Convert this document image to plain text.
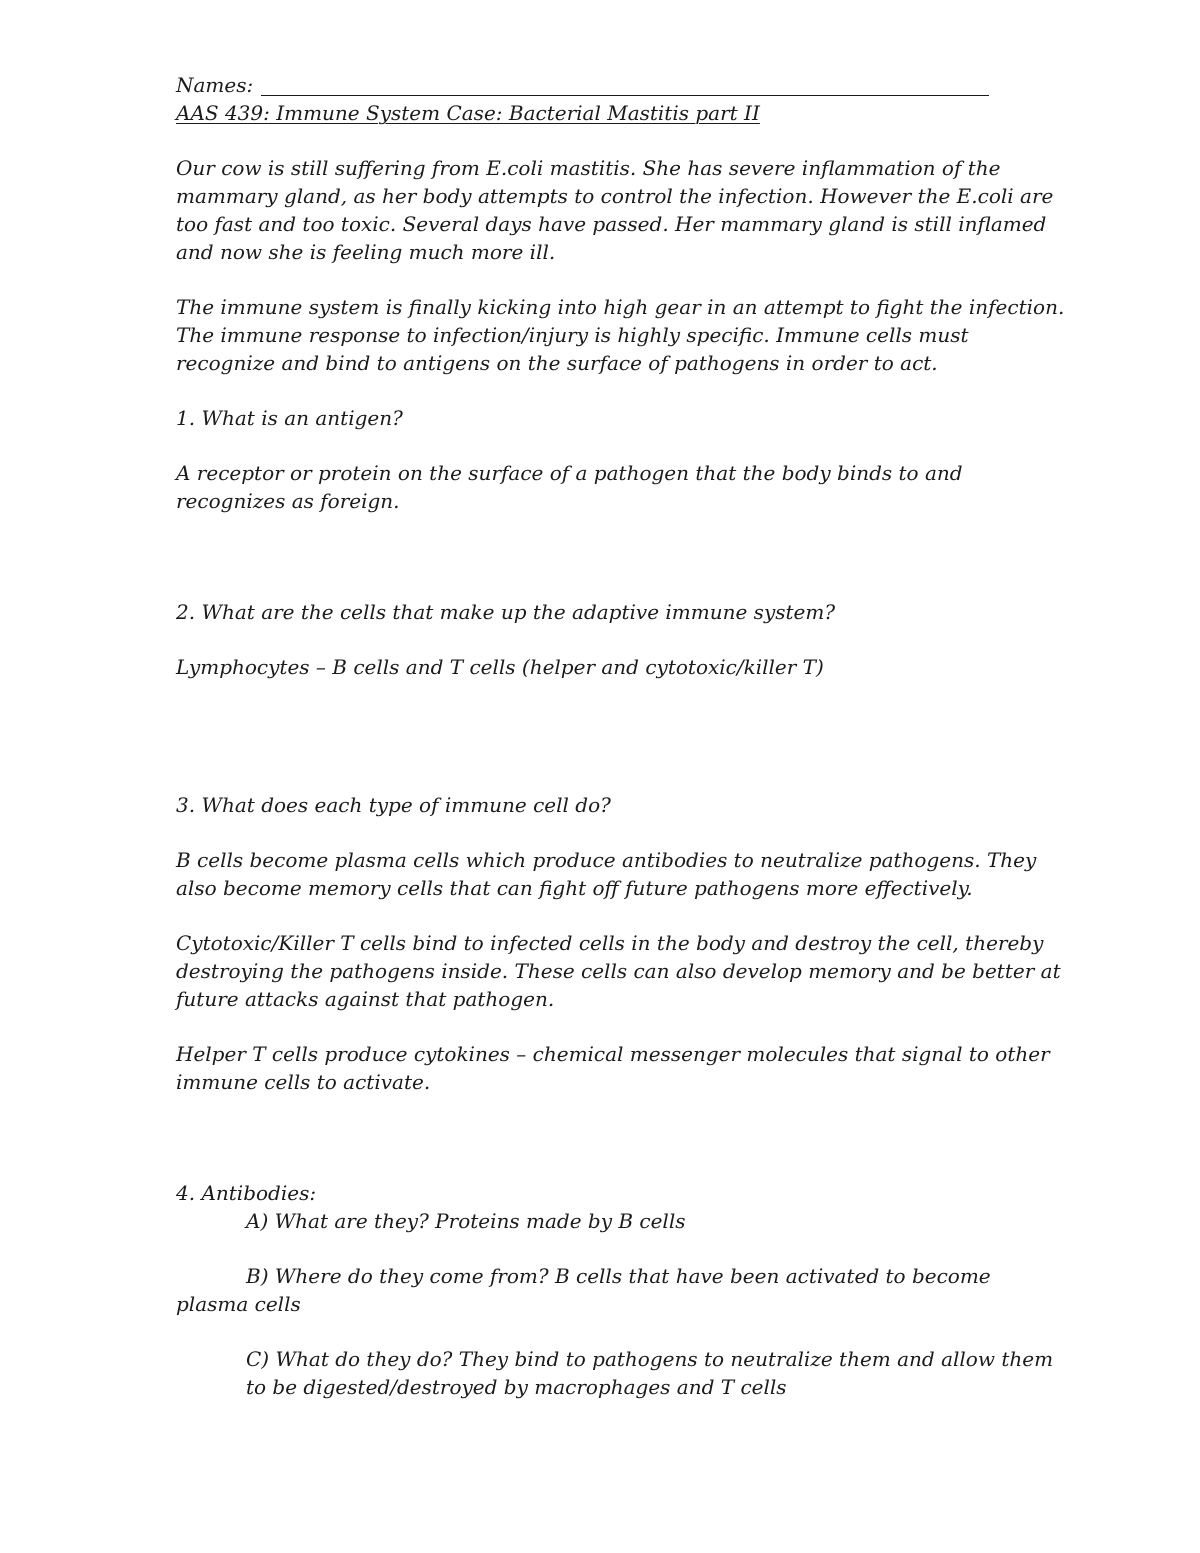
Names:

AAS 439: Immune System Case: Bacterial Mastitis part II

Our cow is still suffering from E.coli mastitis. She has severe inflammation of the

mammary gland, as her body attempts to control the infection. However the E.coli are

too fast and too toxic. Several days have passed. Her mammary gland is still inflamed

and now she is feeling much more ill.

The immune system is finally kicking into high gear in an attempt to fight the infection.

The immune response to infection/injury is highly specific. Immune cells must

recognize and bind to antigens on the surface of pathogens in order to act.

1. What is an antigen?

A receptor or protein on the surface of a pathogen that the body binds to and

recognizes as foreign.

2. What are the cells that make up the adaptive immune system?

Lymphocytes – B cells and T cells (helper and cytotoxic/killer T)

3. What does each type of immune cell do?

B cells become plasma cells which produce antibodies to neutralize pathogens. They

also become memory cells that can fight off future pathogens more effectively.

Cytotoxic/Killer T cells bind to infected cells in the body and destroy the cell, thereby

destroying the pathogens inside. These cells can also develop memory and be better at

future attacks against that pathogen.

Helper T cells produce cytokines – chemical messenger molecules that signal to other

immune cells to activate.

4. Antibodies:

A) What are they? Proteins made by B cells

B) Where do they come from? B cells that have been activated to become

plasma cells

C) What do they do? They bind to pathogens to neutralize them and allow them

to be digested/destroyed by macrophages and T cells
